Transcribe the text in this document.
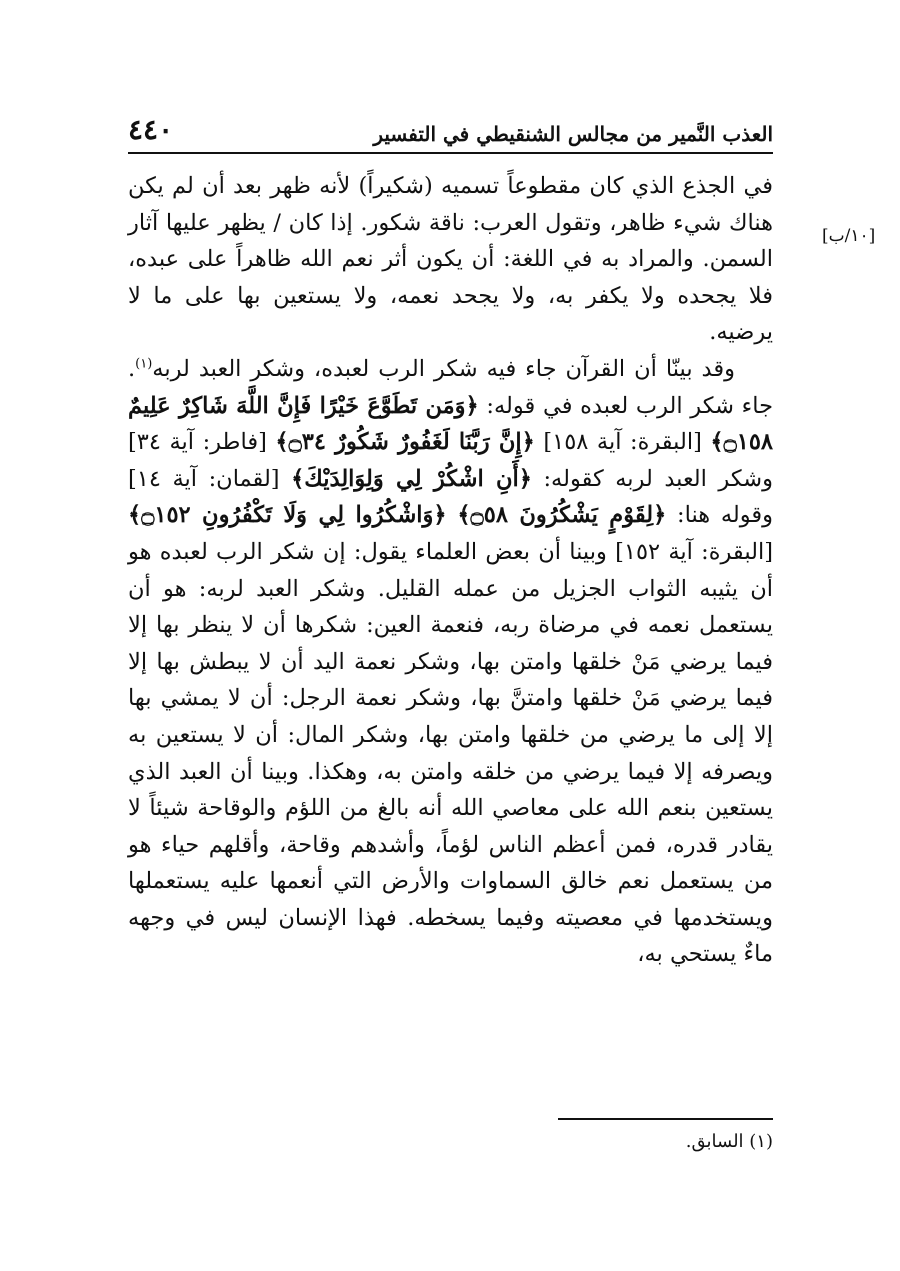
٤٤٠	العذب النَّمير من مجالس الشنقيطي في التفسير
[١٠/ب]

في الجذع الذي كان مقطوعاً تسميه (شكيراً) لأنه ظهر بعد أن لم يكن هناك شيء ظاهر، وتقول العرب: ناقة شكور. إذا كان / يظهر عليها آثار السمن. والمراد به في اللغة: أن يكون أثر نعم الله ظاهراً على عبده، فلا يجحده ولا يكفر به، ولا يجحد نعمه، ولا يستعين بها على ما لا يرضيه.

وقد بينّا أن القرآن جاء فيه شكر الرب لعبده، وشكر العبد لربه$^{(١)}$. جاء شكر الرب لعبده في قوله: ﴿وَمَن تَطَوَّعَ خَيْرًا فَإِنَّ اللَّهَ شَاكِرٌ عَلِيمٌ ۝١٥٨﴾ [البقرة: آية ١٥٨] ﴿إِنَّ رَبَّنَا لَغَفُورٌ شَكُورٌ ۝٣٤﴾ [فاطر: آية ٣٤] وشكر العبد لربه كقوله: ﴿أَنِ اشْكُرْ لِي وَلِوَالِدَيْكَ﴾ [لقمان: آية ١٤] وقوله هنا: ﴿لِقَوْمٍ يَشْكُرُونَ ۝٥٨﴾ ﴿وَاشْكُرُوا لِي وَلَا تَكْفُرُونِ ۝١٥٢﴾ [البقرة: آية ١٥٢] وبينا أن بعض العلماء يقول: إن شكر الرب لعبده هو أن يثيبه الثواب الجزيل من عمله القليل. وشكر العبد لربه: هو أن يستعمل نعمه في مرضاة ربه، فنعمة العين: شكرها أن لا ينظر بها إلا فيما يرضي مَنْ خلقها وامتن بها، وشكر نعمة اليد أن لا يبطش بها إلا فيما يرضي مَنْ خلقها وامتنَّ بها، وشكر نعمة الرجل: أن لا يمشي بها إلا إلى ما يرضي من خلقها وامتن بها، وشكر المال: أن لا يستعين به ويصرفه إلا فيما يرضي من خلقه وامتن به، وهكذا. وبينا أن العبد الذي يستعين بنعم الله على معاصي الله أنه بالغ من اللؤم والوقاحة شيئاً لا يقادر قدره، فمن أعظم الناس لؤماً، وأشدهم وقاحة، وأقلهم حياء هو من يستعمل نعم خالق السماوات والأرض التي أنعمها عليه يستعملها ويستخدمها في معصيته وفيما يسخطه. فهذا الإنسان ليس في وجهه ماءٌ يستحي به،

(١) السابق.
